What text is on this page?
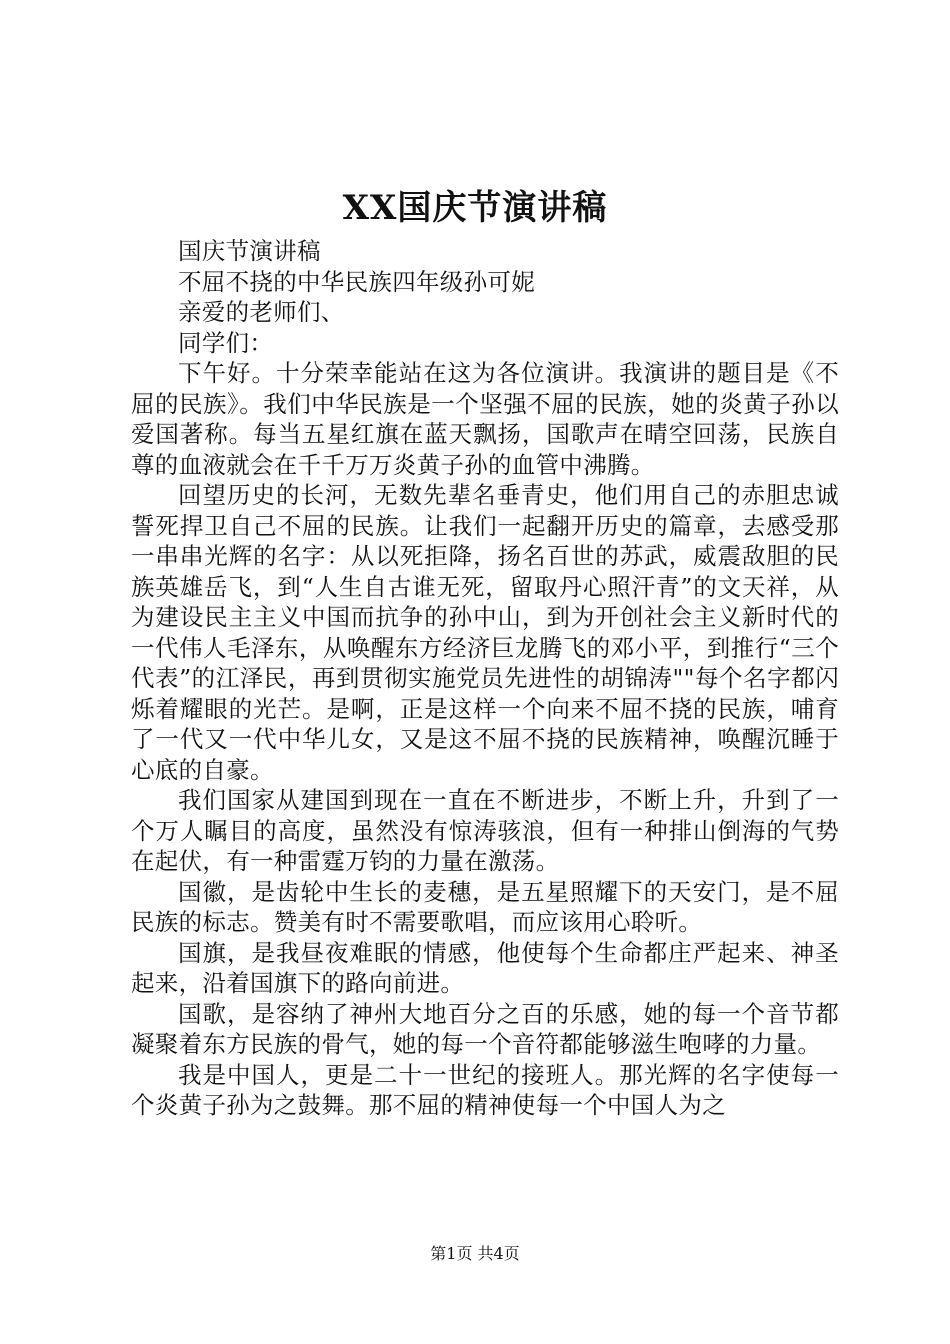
XX国庆节演讲稿

国庆节演讲稿

不屈不挠的中华民族四年级孙可妮

亲爱的老师们、

同学们：

下午好。十分荣幸能站在这为各位演讲。我演讲的题目是《不屈的民族》。我们中华民族是一个坚强不屈的民族，她的炎黄子孙以爱国著称。每当五星红旗在蓝天飘扬，国歌声在晴空回荡，民族自尊的血液就会在千千万万炎黄子孙的血管中沸腾。

回望历史的长河，无数先辈名垂青史，他们用自己的赤胆忠诚誓死捍卫自己不屈的民族。让我们一起翻开历史的篇章，去感受那一串串光辉的名字：从以死拒降，扬名百世的苏武，威震敌胆的民族英雄岳飞，到“人生自古谁无死，留取丹心照汗青”的文天祥，从为建设民主主义中国而抗争的孙中山，到为开创社会主义新时代的一代伟人毛泽东，从唤醒东方经济巨龙腾飞的邓小平，到推行“三个代表”的江泽民，再到贯彻实施党员先进性的胡锦涛""每个名字都闪烁着耀眼的光芒。是啊，正是这样一个向来不屈不挠的民族，哺育了一代又一代中华儿女，又是这不屈不挠的民族精神，唤醒沉睡于心底的自豪。

我们国家从建国到现在一直在不断进步，不断上升，升到了一个万人瞩目的高度，虽然没有惊涛骇浪，但有一种排山倒海的气势在起伏，有一种雷霆万钧的力量在激荡。

国徽，是齿轮中生长的麦穗，是五星照耀下的天安门，是不屈民族的标志。赞美有时不需要歌唱，而应该用心聆听。

国旗，是我昼夜难眠的情感，他使每个生命都庄严起来、神圣起来，沿着国旗下的路向前进。

国歌，是容纳了神州大地百分之百的乐感，她的每一个音节都凝聚着东方民族的骨气，她的每一个音符都能够滋生咆哮的力量。

我是中国人，更是二十一世纪的接班人。那光辉的名字使每一个炎黄子孙为之鼓舞。那不屈的精神使每一个中国人为之

第1页 共4页
